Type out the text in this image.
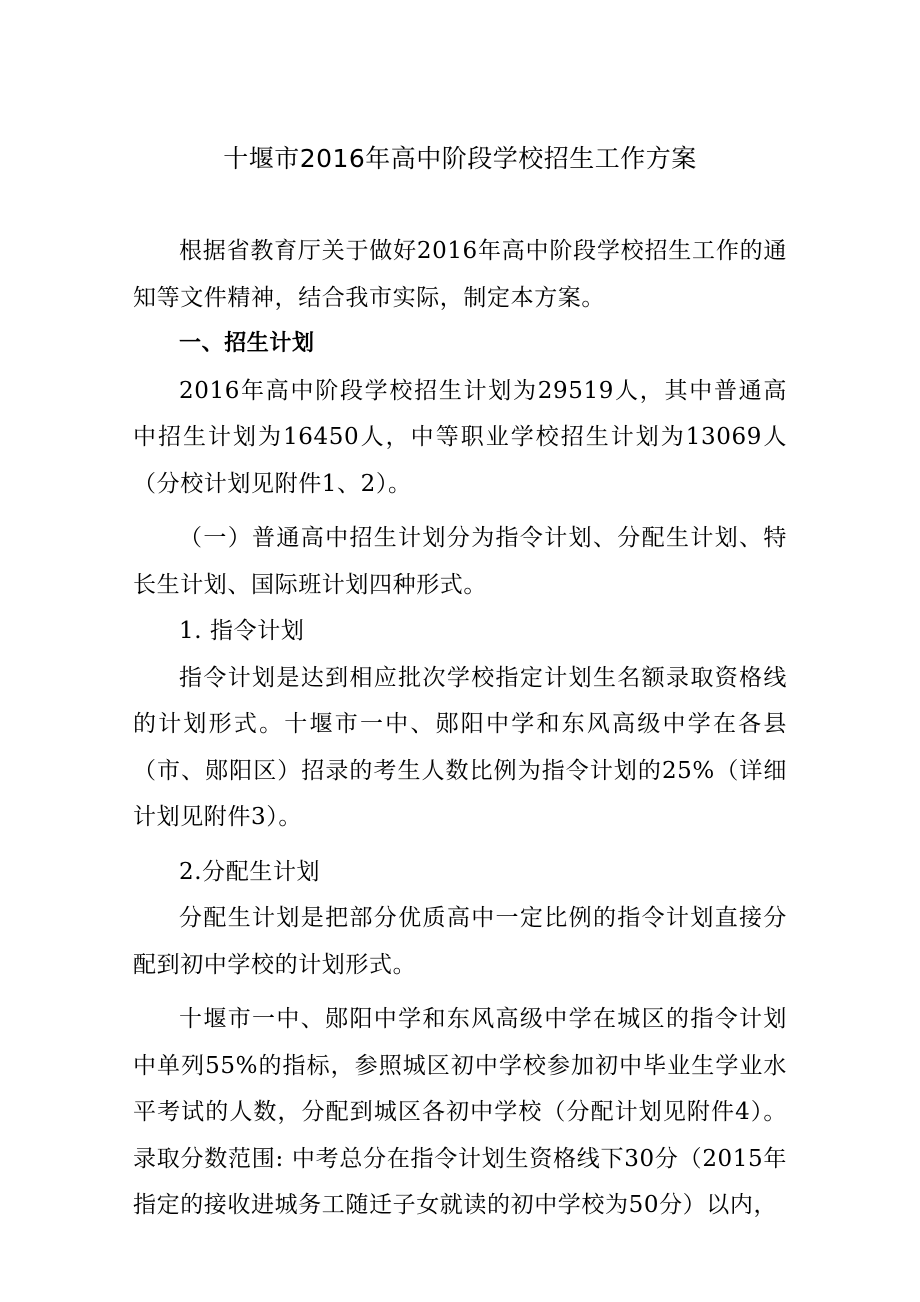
十堰市2016年高中阶段学校招生工作方案

根据省教育厅关于做好2016年高中阶段学校招生工作的通知等文件精神，结合我市实际，制定本方案。

一、招生计划

2016年高中阶段学校招生计划为29519人，其中普通高中招生计划为16450人，中等职业学校招生计划为13069人（分校计划见附件1、2）。

（一）普通高中招生计划分为指令计划、分配生计划、特长生计划、国际班计划四种形式。

1. 指令计划

指令计划是达到相应批次学校指定计划生名额录取资格线的计划形式。十堰市一中、郧阳中学和东风高级中学在各县（市、郧阳区）招录的考生人数比例为指令计划的25%（详细计划见附件3）。

2.分配生计划

分配生计划是把部分优质高中一定比例的指令计划直接分配到初中学校的计划形式。

十堰市一中、郧阳中学和东风高级中学在城区的指令计划中单列55%的指标，参照城区初中学校参加初中毕业生学业水平考试的人数，分配到城区各初中学校（分配计划见附件4）。录取分数范围: 中考总分在指令计划生资格线下30分（2015年指定的接收进城务工随迁子女就读的初中学校为50分）以内，
